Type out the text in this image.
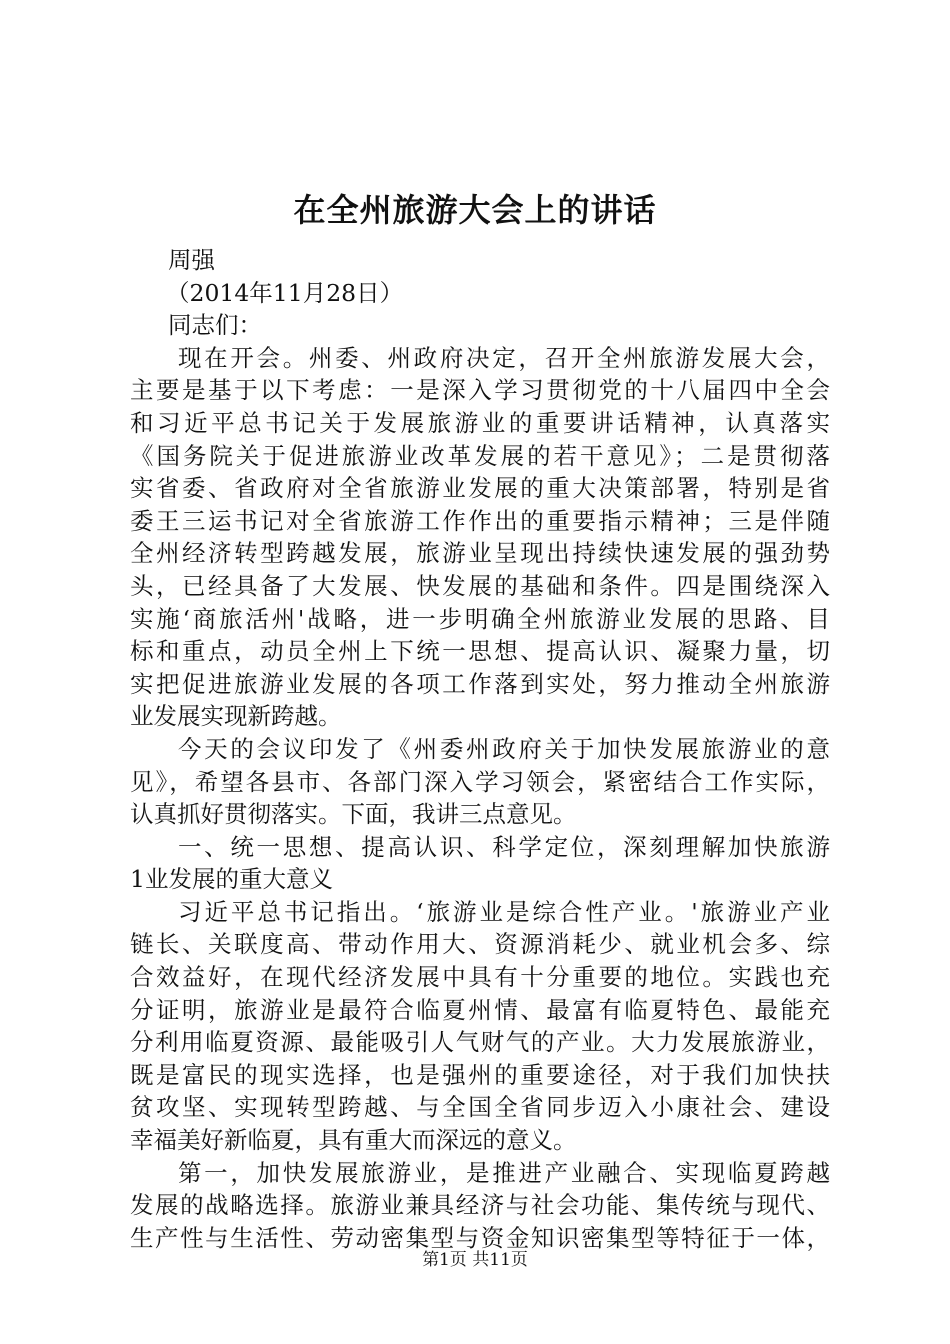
在全州旅游大会上的讲话
周强
（2014年11月28日）
同志们：
现在开会。州委、州政府决定，召开全州旅游发展大会，
主要是基于以下考虑：一是深入学习贯彻党的十八届四中全会
和习近平总书记关于发展旅游业的重要讲话精神，认真落实
《国务院关于促进旅游业改革发展的若干意见》；二是贯彻落
实省委、省政府对全省旅游业发展的重大决策部署，特别是省
委王三运书记对全省旅游工作作出的重要指示精神；三是伴随
全州经济转型跨越发展，旅游业呈现出持续快速发展的强劲势
头，已经具备了大发展、快发展的基础和条件。四是围绕深入
实施‘商旅活州'战略，进一步明确全州旅游业发展的思路、目
标和重点，动员全州上下统一思想、提高认识、凝聚力量，切
实把促进旅游业发展的各项工作落到实处，努力推动全州旅游
业发展实现新跨越。
今天的会议印发了《州委州政府关于加快发展旅游业的意
见》，希望各县市、各部门深入学习领会，紧密结合工作实际，
认真抓好贯彻落实。下面，我讲三点意见。
一、统一思想、提高认识、科学定位，深刻理解加快旅游
1业发展的重大意义
习近平总书记指出。‘旅游业是综合性产业。'旅游业产业
链长、关联度高、带动作用大、资源消耗少、就业机会多、综
合效益好，在现代经济发展中具有十分重要的地位。实践也充
分证明，旅游业是最符合临夏州情、最富有临夏特色、最能充
分利用临夏资源、最能吸引人气财气的产业。大力发展旅游业，
既是富民的现实选择，也是强州的重要途径，对于我们加快扶
贫攻坚、实现转型跨越、与全国全省同步迈入小康社会、建设
幸福美好新临夏，具有重大而深远的意义。
第一，加快发展旅游业，是推进产业融合、实现临夏跨越
发展的战略选择。旅游业兼具经济与社会功能、集传统与现代、
生产性与生活性、劳动密集型与资金知识密集型等特征于一体，
第1页 共11页
